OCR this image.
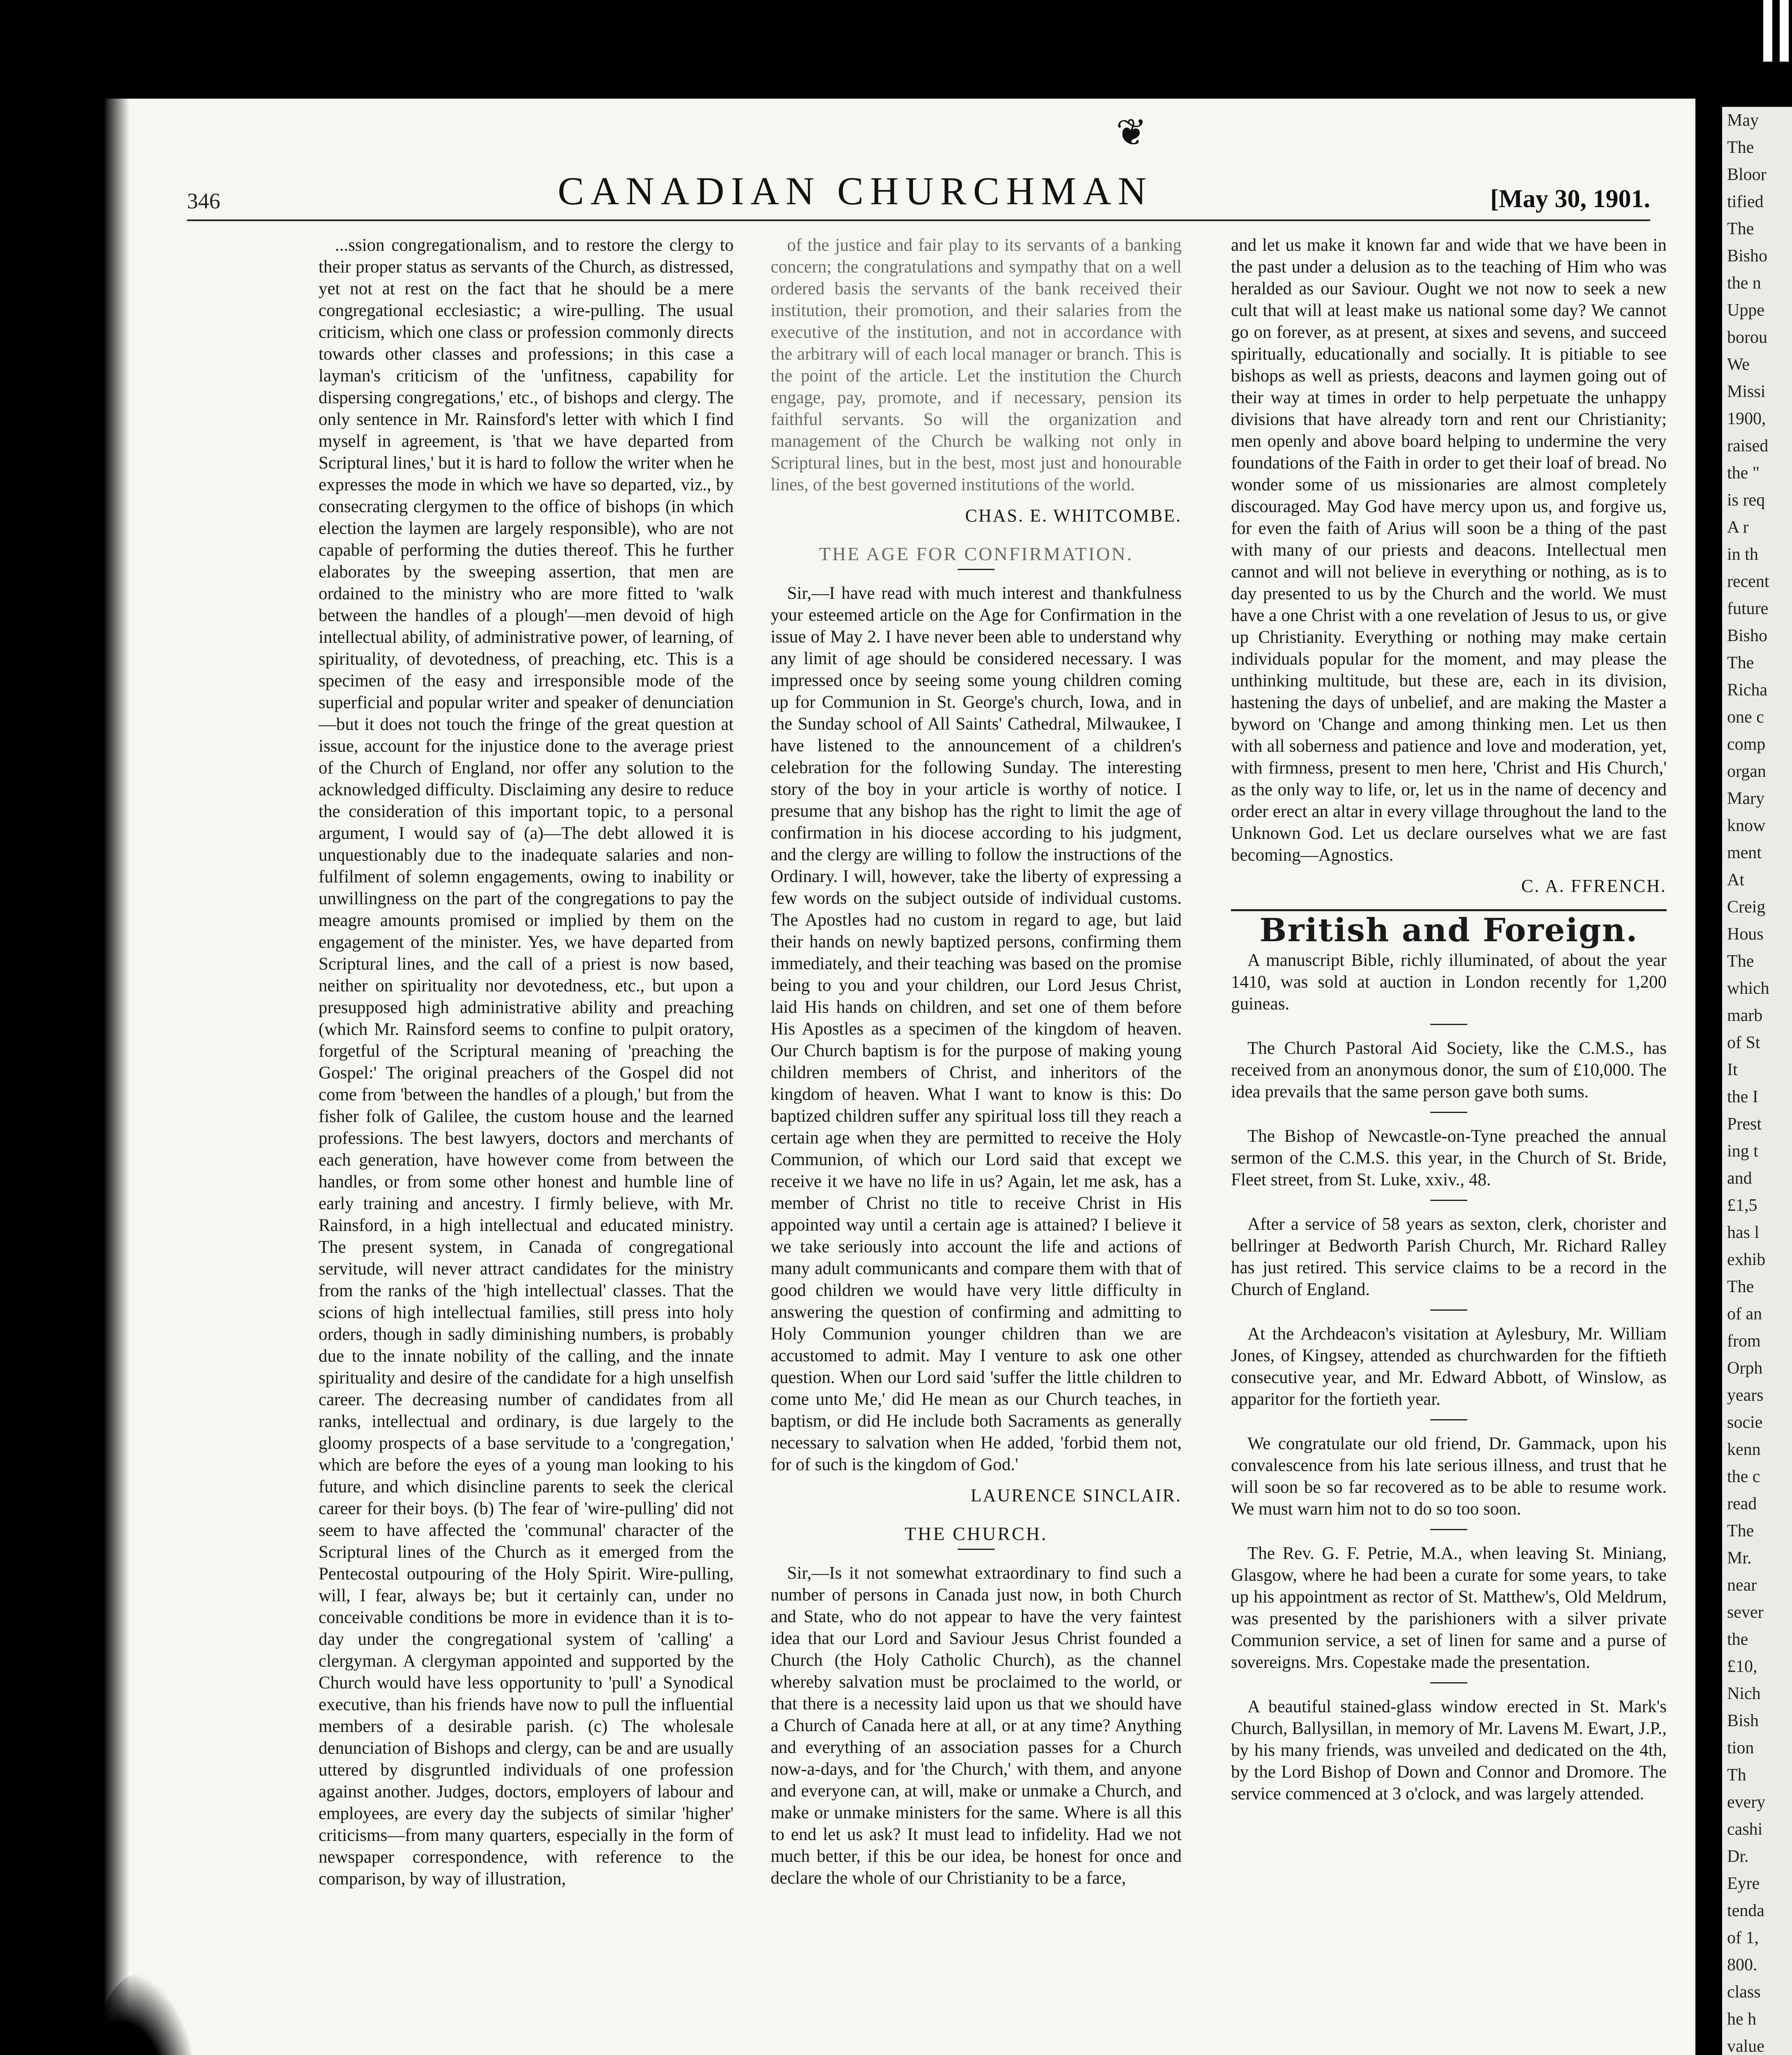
❦
346	CANADIAN CHURCHMAN	[May 30, 1901.

...ssion congregationalism, and to restore the clergy to their proper status as servants of the Church, as distressed, yet not at rest on the fact that he should be a mere congregational ecclesiastic; a wire-pulling. The usual criticism, which one class or profession commonly directs towards other classes and professions; in this case a layman's criticism of the 'unfitness, capability for dispersing congregations,' etc., of bishops and clergy. The only sentence in Mr. Rainsford's letter with which I find myself in agreement, is 'that we have departed from Scriptural lines,' but it is hard to follow the writer when he expresses the mode in which we have so departed, viz., by consecrating clergymen to the office of bishops (in which election the laymen are largely responsible), who are not capable of performing the duties thereof. This he further elaborates by the sweeping assertion, that men are ordained to the ministry who are more fitted to 'walk between the handles of a plough'—men devoid of high intellectual ability, of administrative power, of learning, of spirituality, of devotedness, of preaching, etc. This is a specimen of the easy and irresponsible mode of the superficial and popular writer and speaker of denunciation—but it does not touch the fringe of the great question at issue, account for the injustice done to the average priest of the Church of England, nor offer any solution to the acknowledged difficulty. Disclaiming any desire to reduce the consideration of this important topic, to a personal argument, I would say of (a)—The debt allowed it is unquestionably due to the inadequate salaries and non-fulfilment of solemn engagements, owing to inability or unwillingness on the part of the congregations to pay the meagre amounts promised or implied by them on the engagement of the minister. Yes, we have departed from Scriptural lines, and the call of a priest is now based, neither on spirituality nor devotedness, etc., but upon a presupposed high administrative ability and preaching (which Mr. Rainsford seems to confine to pulpit oratory, forgetful of the Scriptural meaning of 'preaching the Gospel:' The original preachers of the Gospel did not come from 'between the handles of a plough,' but from the fisher folk of Galilee, the custom house and the learned professions. The best lawyers, doctors and merchants of each generation, have however come from between the handles, or from some other honest and humble line of early training and ancestry. I firmly believe, with Mr. Rainsford, in a high intellectual and educated ministry. The present system, in Canada of congregational servitude, will never attract candidates for the ministry from the ranks of the 'high intellectual' classes. That the scions of high intellectual families, still press into holy orders, though in sadly diminishing numbers, is probably due to the innate nobility of the calling, and the innate spirituality and desire of the candidate for a high unselfish career. The decreasing number of candidates from all ranks, intellectual and ordinary, is due largely to the gloomy prospects of a base servitude to a 'congregation,' which are before the eyes of a young man looking to his future, and which disincline parents to seek the clerical career for their boys. (b) The fear of 'wire-pulling' did not seem to have affected the 'communal' character of the Scriptural lines of the Church as it emerged from the Pentecostal outpouring of the Holy Spirit. Wire-pulling, will, I fear, always be; but it certainly can, under no conceivable conditions be more in evidence than it is to-day under the congregational system of 'calling' a clergyman. A clergyman appointed and supported by the Church would have less opportunity to 'pull' a Synodical executive, than his friends have now to pull the influential members of a desirable parish. (c) The wholesale denunciation of Bishops and clergy, can be and are usually uttered by disgruntled individuals of one profession against another. Judges, doctors, employers of labour and employees, are every day the subjects of similar 'higher' criticisms—from many quarters, especially in the form of newspaper correspondence, with reference to the comparison, by way of illustration,

of the justice and fair play to its servants of a banking concern; the congratulations and sympathy that on a well ordered basis the servants of the bank received their institution, their promotion, and their salaries from the executive of the institution, and not in accordance with the arbitrary will of each local manager or branch. This is the point of the article. Let the institution the Church engage, pay, promote, and if necessary, pension its faithful servants. So will the organization and management of the Church be walking not only in Scriptural lines, but in the best, most just and honourable lines, of the best governed institutions of the world.

CHAS. E. WHITCOMBE.
THE AGE FOR CONFIRMATION.

Sir,—I have read with much interest and thankfulness your esteemed article on the Age for Confirmation in the issue of May 2. I have never been able to understand why any limit of age should be considered necessary. I was impressed once by seeing some young children coming up for Communion in St. George's church, Iowa, and in the Sunday school of All Saints' Cathedral, Milwaukee, I have listened to the announcement of a children's celebration for the following Sunday. The interesting story of the boy in your article is worthy of notice. I presume that any bishop has the right to limit the age of confirmation in his diocese according to his judgment, and the clergy are willing to follow the instructions of the Ordinary. I will, however, take the liberty of expressing a few words on the subject outside of individual customs. The Apostles had no custom in regard to age, but laid their hands on newly baptized persons, confirming them immediately, and their teaching was based on the promise being to you and your children, our Lord Jesus Christ, laid His hands on children, and set one of them before His Apostles as a specimen of the kingdom of heaven. Our Church baptism is for the purpose of making young children members of Christ, and inheritors of the kingdom of heaven. What I want to know is this: Do baptized children suffer any spiritual loss till they reach a certain age when they are permitted to receive the Holy Communion, of which our Lord said that except we receive it we have no life in us? Again, let me ask, has a member of Christ no title to receive Christ in His appointed way until a certain age is attained? I believe it we take seriously into account the life and actions of many adult communicants and compare them with that of good children we would have very little difficulty in answering the question of confirming and admitting to Holy Communion younger children than we are accustomed to admit. May I venture to ask one other question. When our Lord said 'suffer the little children to come unto Me,' did He mean as our Church teaches, in baptism, or did He include both Sacraments as generally necessary to salvation when He added, 'forbid them not, for of such is the kingdom of God.'

LAURENCE SINCLAIR.
THE CHURCH.

Sir,—Is it not somewhat extraordinary to find such a number of persons in Canada just now, in both Church and State, who do not appear to have the very faintest idea that our Lord and Saviour Jesus Christ founded a Church (the Holy Catholic Church), as the channel whereby salvation must be proclaimed to the world, or that there is a necessity laid upon us that we should have a Church of Canada here at all, or at any time? Anything and everything of an association passes for a Church now-a-days, and for 'the Church,' with them, and anyone and everyone can, at will, make or unmake a Church, and make or unmake ministers for the same. Where is all this to end let us ask? It must lead to infidelity. Had we not much better, if this be our idea, be honest for once and declare the whole of our Christianity to be a farce,

and let us make it known far and wide that we have been in the past under a delusion as to the teaching of Him who was heralded as our Saviour. Ought we not now to seek a new cult that will at least make us national some day? We cannot go on forever, as at present, at sixes and sevens, and succeed spiritually, educationally and socially. It is pitiable to see bishops as well as priests, deacons and laymen going out of their way at times in order to help perpetuate the unhappy divisions that have already torn and rent our Christianity; men openly and above board helping to undermine the very foundations of the Faith in order to get their loaf of bread. No wonder some of us missionaries are almost completely discouraged. May God have mercy upon us, and forgive us, for even the faith of Arius will soon be a thing of the past with many of our priests and deacons. Intellectual men cannot and will not believe in everything or nothing, as is to day presented to us by the Church and the world. We must have a one Christ with a one revelation of Jesus to us, or give up Christianity. Everything or nothing may make certain individuals popular for the moment, and may please the unthinking multitude, but these are, each in its division, hastening the days of unbelief, and are making the Master a byword on 'Change and among thinking men. Let us then with all soberness and patience and love and moderation, yet, with firmness, present to men here, 'Christ and His Church,' as the only way to life, or, let us in the name of decency and order erect an altar in every village throughout the land to the Unknown God. Let us declare ourselves what we are fast becoming—Agnostics.

C. A. FFRENCH.
British and Foreign.

A manuscript Bible, richly illuminated, of about the year 1410, was sold at auction in London recently for 1,200 guineas.

The Church Pastoral Aid Society, like the C.M.S., has received from an anonymous donor, the sum of £10,000. The idea prevails that the same person gave both sums.

The Bishop of Newcastle-on-Tyne preached the annual sermon of the C.M.S. this year, in the Church of St. Bride, Fleet street, from St. Luke, xxiv., 48.

After a service of 58 years as sexton, clerk, chorister and bellringer at Bedworth Parish Church, Mr. Richard Ralley has just retired. This service claims to be a record in the Church of England.

At the Archdeacon's visitation at Aylesbury, Mr. William Jones, of Kingsey, attended as churchwarden for the fiftieth consecutive year, and Mr. Edward Abbott, of Winslow, as apparitor for the fortieth year.

We congratulate our old friend, Dr. Gammack, upon his convalescence from his late serious illness, and trust that he will soon be so far recovered as to be able to resume work. We must warn him not to do so too soon.

The Rev. G. F. Petrie, M.A., when leaving St. Miniang, Glasgow, where he had been a curate for some years, to take up his appointment as rector of St. Matthew's, Old Meldrum, was presented by the parishioners with a silver private Communion service, a set of linen for same and a purse of sovereigns. Mrs. Copestake made the presentation.

A beautiful stained-glass window erected in St. Mark's Church, Ballysillan, in memory of Mr. Lavens M. Ewart, J.P., by his many friends, was unveiled and dedicated on the 4th, by the Lord Bishop of Down and Connor and Dromore. The service commenced at 3 o'clock, and was largely attended.

May
The
Bloor
tified
The
Bisho
the n
Uppe
borou
We
Missi
1900,
raised
the "
is req
A r
in th
recent
future
Bisho
The
Richa
one c
comp
organ
Mary
know
ment
At
Creig
Hous
The
which
marb
of St
It
the I
Prest
ing t
and
£1,5
has l
exhib
The
of an
from
Orph
years
socie
kenn
the c
read
The
Mr.
near
sever
the
£10,
Nich
Bish
tion
Th
every
cashi
Dr.
Eyre
tenda
of 1,
800.
class
he h
value
